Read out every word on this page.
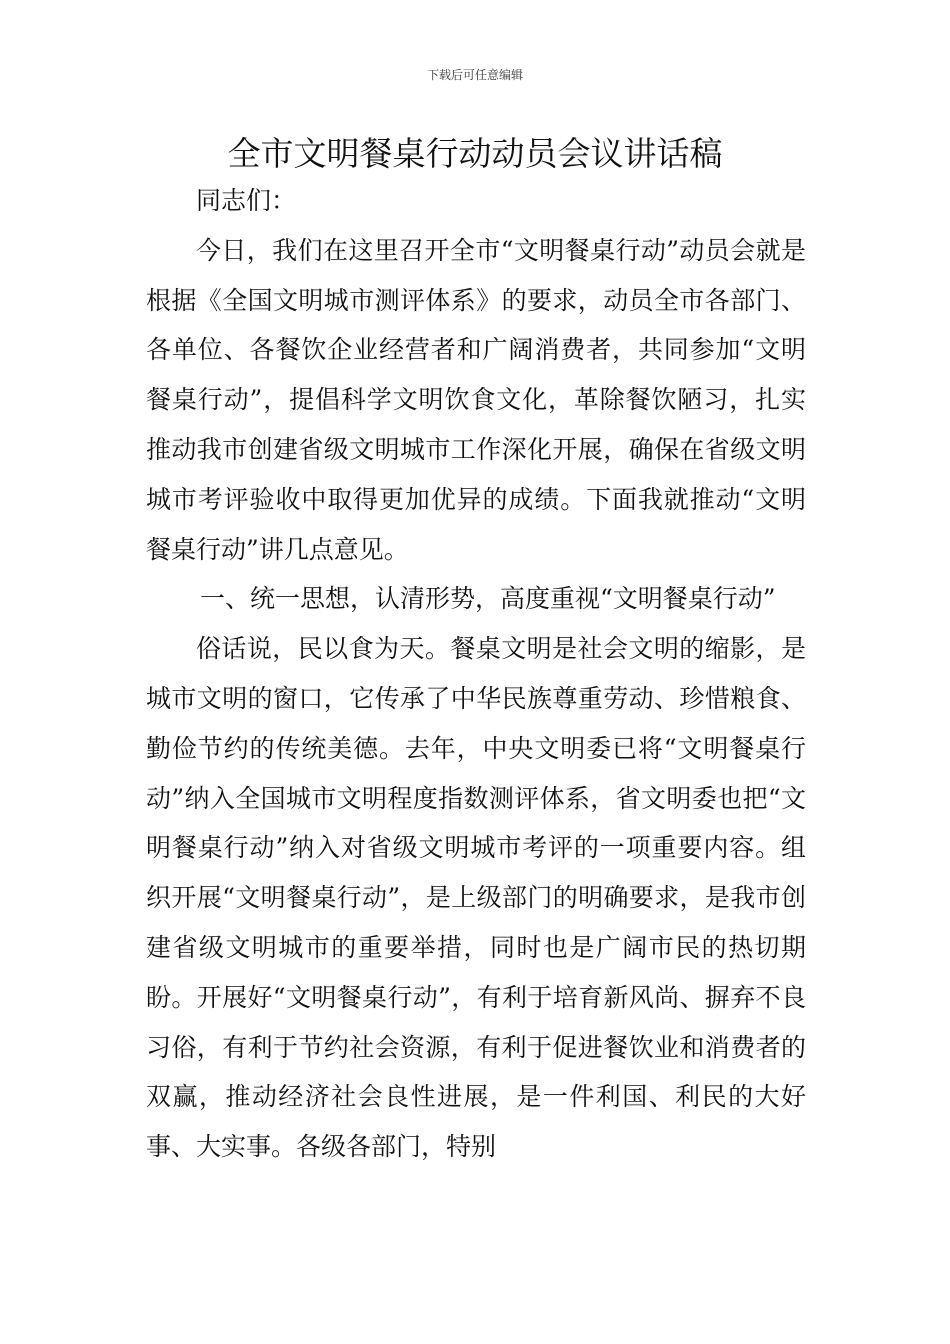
下载后可任意编辑
全市文明餐桌行动动员会议讲话稿

同志们：

今日，我们在这里召开全市“文明餐桌行动”动员会就是根据《全国文明城市测评体系》的要求，动员全市各部门、各单位、各餐饮企业经营者和广阔消费者，共同参加“文明餐桌行动”，提倡科学文明饮食文化，革除餐饮陋习，扎实推动我市创建省级文明城市工作深化开展，确保在省级文明城市考评验收中取得更加优异的成绩。下面我就推动“文明餐桌行动”讲几点意见。

一、统一思想，认清形势，高度重视“文明餐桌行动”

俗话说，民以食为天。餐桌文明是社会文明的缩影，是城市文明的窗口，它传承了中华民族尊重劳动、珍惜粮食、勤俭节约的传统美德。去年，中央文明委已将“文明餐桌行动”纳入全国城市文明程度指数测评体系，省文明委也把“文明餐桌行动”纳入对省级文明城市考评的一项重要内容。组织开展“文明餐桌行动”，是上级部门的明确要求，是我市创建省级文明城市的重要举措，同时也是广阔市民的热切期盼。开展好“文明餐桌行动”，有利于培育新风尚、摒弃不良习俗，有利于节约社会资源，有利于促进餐饮业和消费者的双赢，推动经济社会良性进展，是一件利国、利民的大好事、大实事。各级各部门，特别
